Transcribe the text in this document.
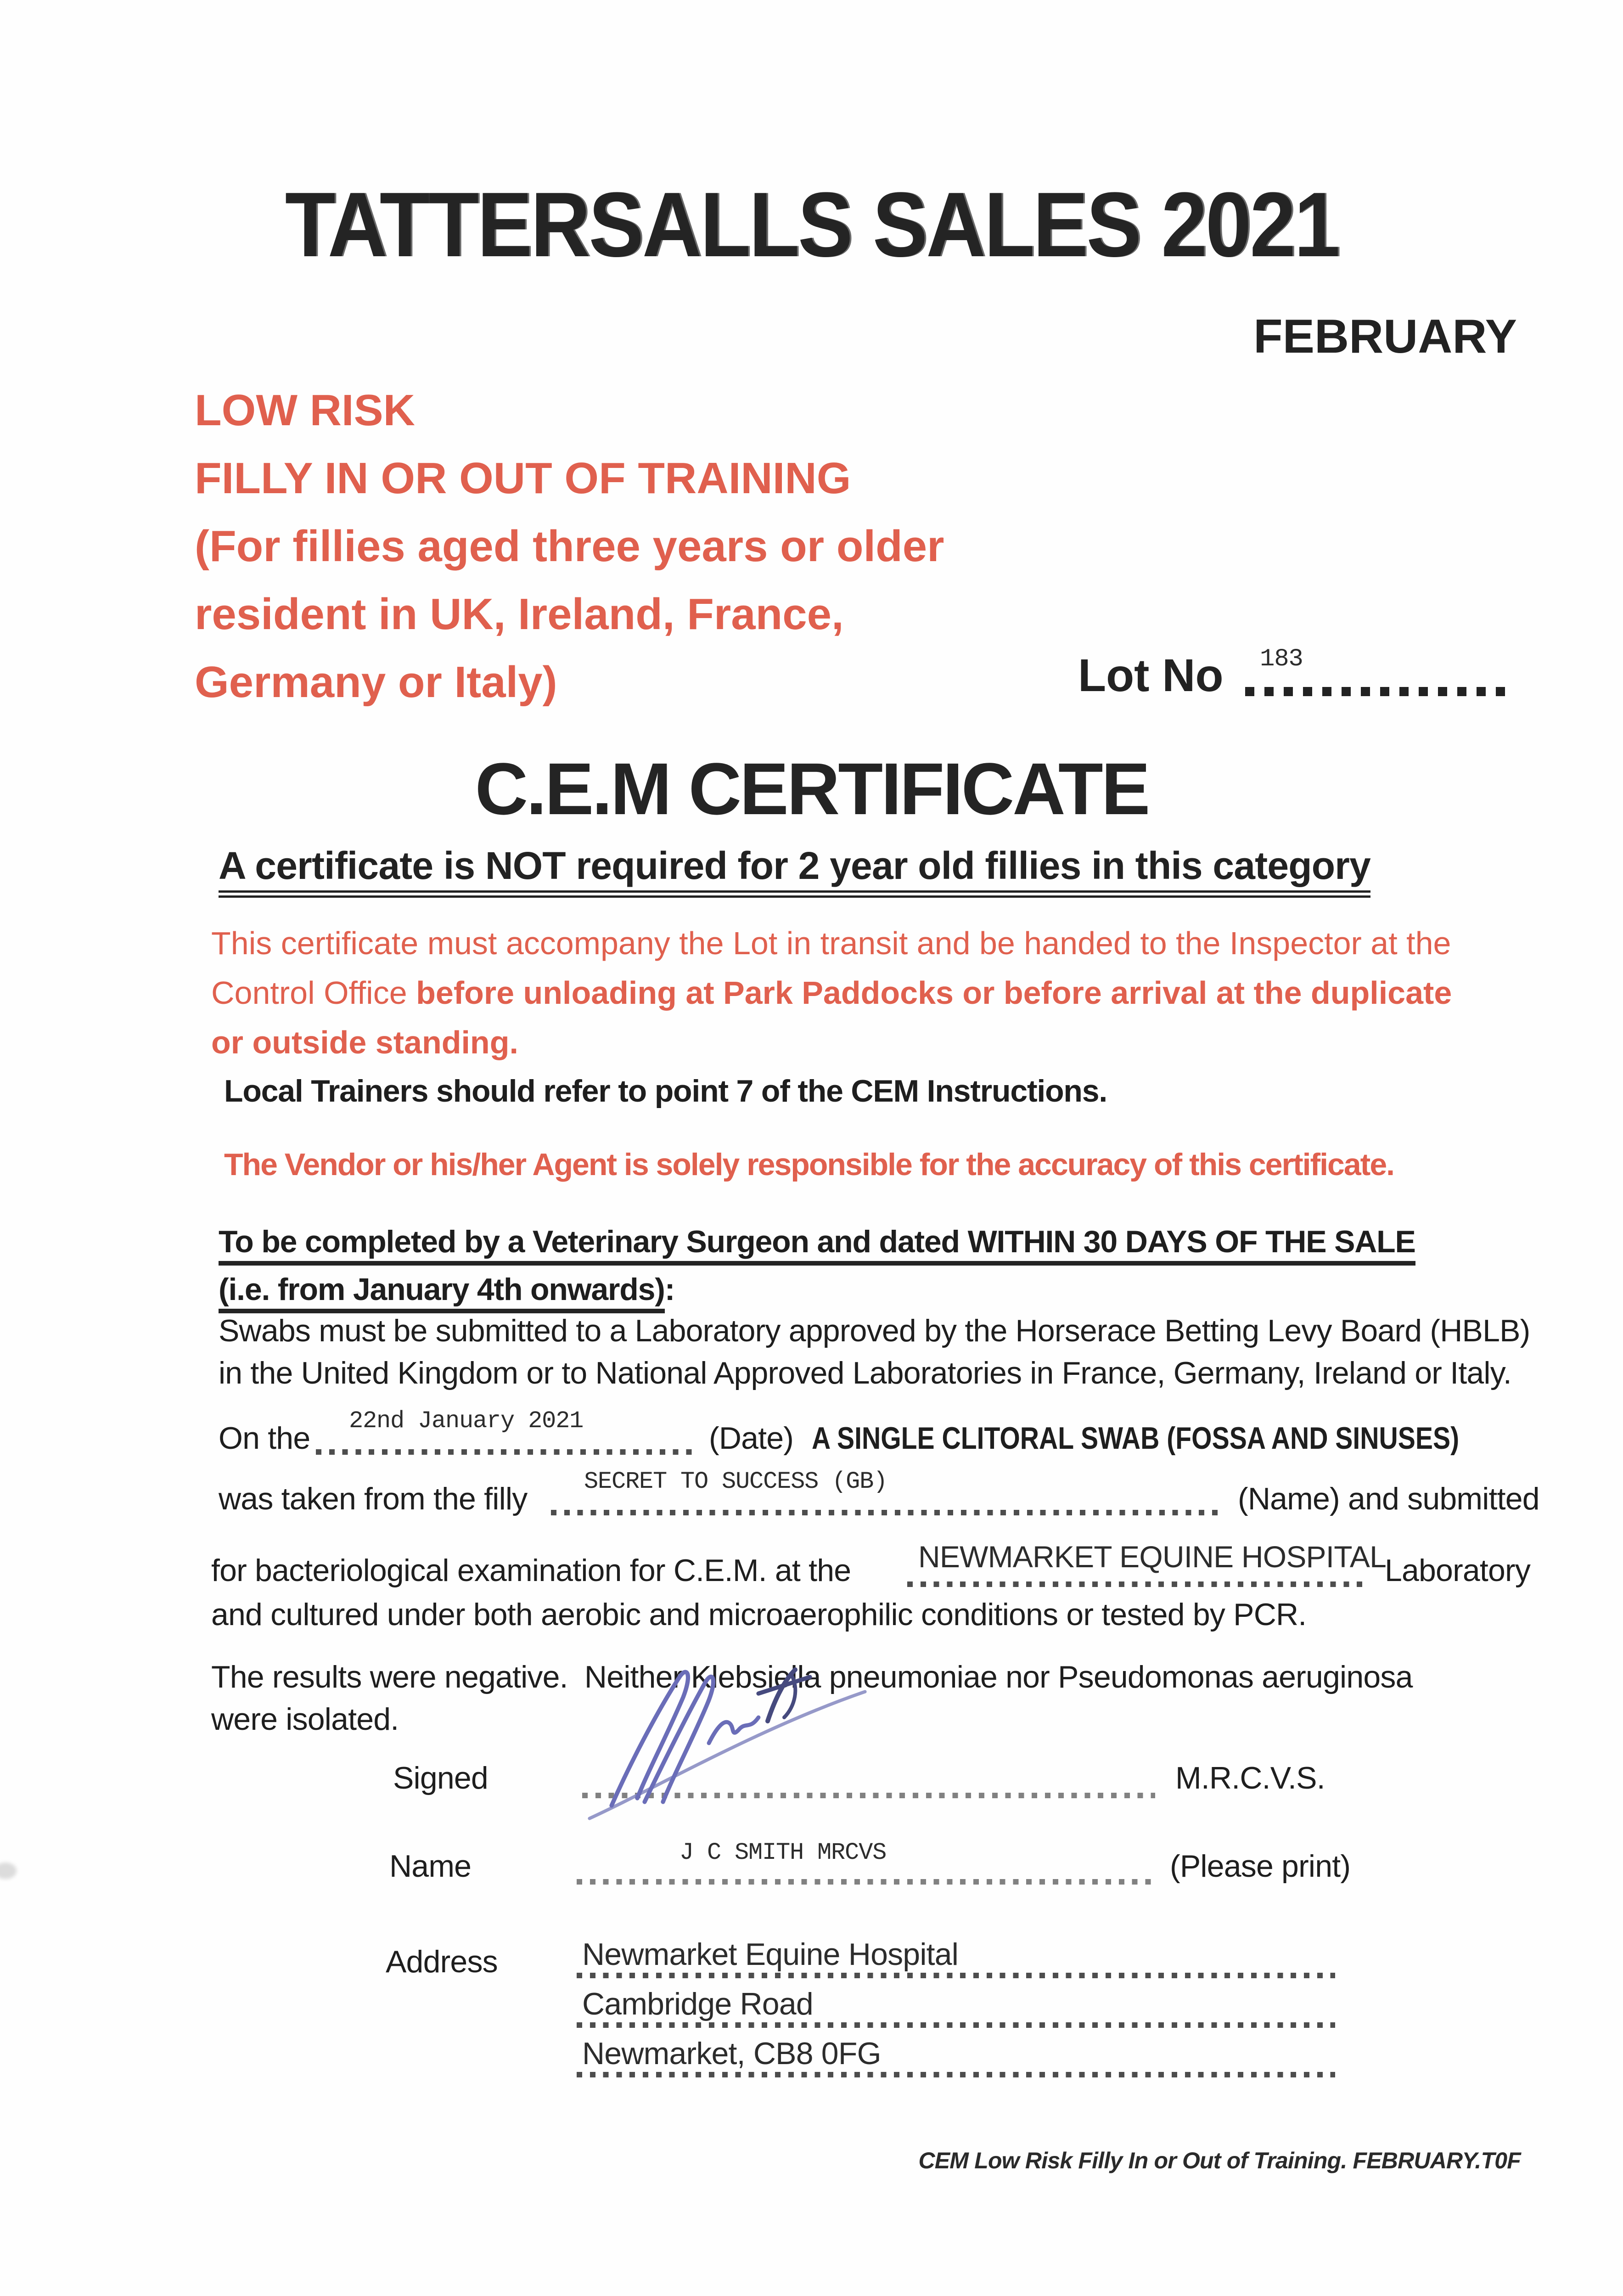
TATTERSALLS SALES 2021
FEBRUARY
LOW RISK
FILLY IN OR OUT OF TRAINING
(For fillies aged three years or older
resident in UK, Ireland, France,
Germany or Italy)	Lot No	183
C.E.M CERTIFICATE
A certificate is NOT required for 2 year old fillies in this category
This certificate must accompany the Lot in transit and be handed to the Inspector at the
Control Office before unloading at Park Paddocks or before arrival at the duplicate
or outside standing.
Local Trainers should refer to point 7 of the CEM Instructions.
The Vendor or his/her Agent is solely responsible for the accuracy of this certificate.
To be completed by a Veterinary Surgeon and dated WITHIN 30 DAYS OF THE SALE
(i.e. from January 4th onwards):
Swabs must be submitted to a Laboratory approved by the Horserace Betting Levy Board (HBLB)
in the United Kingdom or to National Approved Laboratories in France, Germany, Ireland or Italy.
On the	22nd January 2021	(Date) A SINGLE CLITORAL SWAB (FOSSA AND SINUSES)
was taken from the filly	SECRET TO SUCCESS (GB)	(Name) and submitted
for bacteriological examination for C.E.M. at the	NEWMARKET EQUINE HOSPITAL
Laboratory
and cultured under both aerobic and microaerophilic conditions or tested by PCR.
The results were negative.  Neither Klebsiella pneumoniae nor Pseudomonas aeruginosa
were isolated.
Signed	M.R.C.V.S.
Name	J C SMITH MRCVS	(Please print)
Address	Newmarket Equine Hospital
Cambridge Road
Newmarket, CB8 0FG
CEM Low Risk Filly In or Out of Training. FEBRUARY.T0F
